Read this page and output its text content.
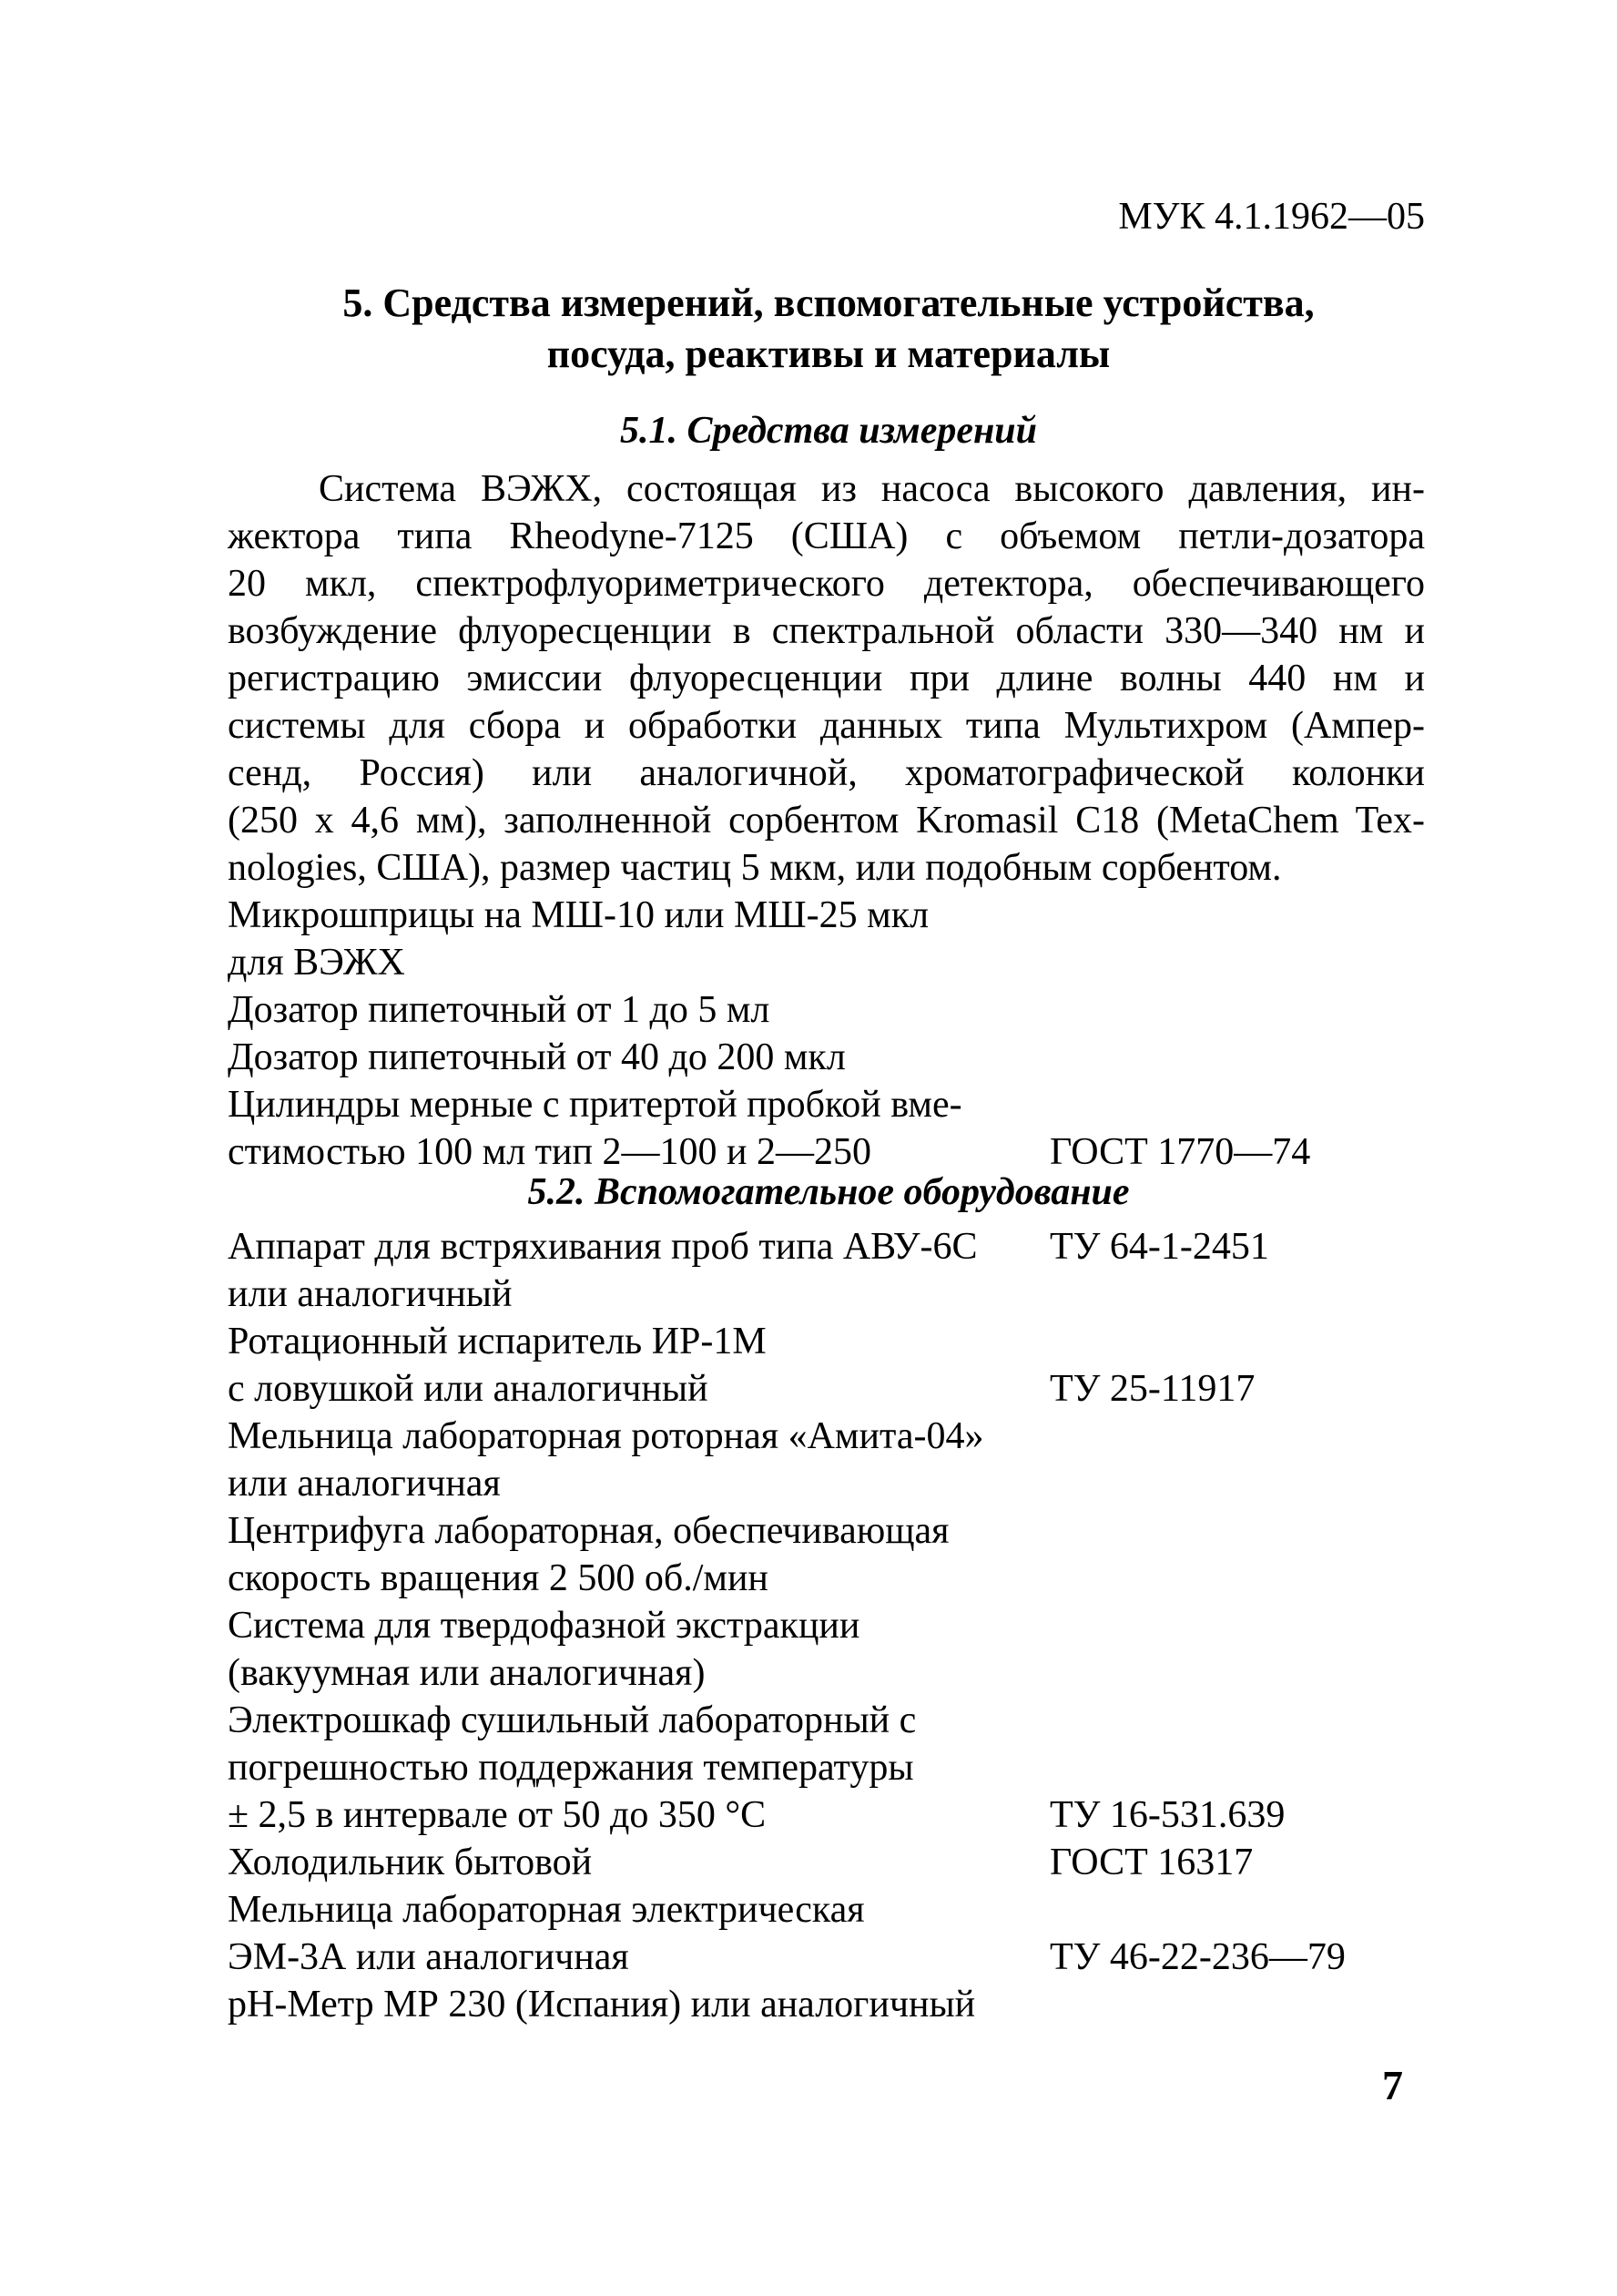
МУК 4.1.1962—05
5. Средства измерений, вспомогательные устройства,
посуда, реактивы и материалы
5.1. Средства измерений
Система ВЭЖХ, состоящая из насоса высокого давления, ин-
жектора типа Rheodyne-7125 (США) с объемом петли-дозатора
20 мкл, спектрофлуориметрического детектора, обеспечивающего
возбуждение флуоресценции в спектральной области 330—340 нм и
регистрацию эмиссии флуоресценции при длине волны 440 нм и
системы для сбора и обработки данных типа Мультихром (Ампер-
сенд, Россия) или аналогичной, хроматографической колонки
(250 х 4,6 мм), заполненной сорбентом Kromasil C18 (MetaChem Tex-
nologies, США), размер частиц 5 мкм, или подобным сорбентом.
Микрошприцы на МШ-10 или МШ-25 мкл
для ВЭЖХ
Дозатор пипеточный от 1 до 5 мл
Дозатор пипеточный от 40 до 200 мкл
Цилиндры мерные с притертой пробкой вме-
стимостью 100 мл тип 2—100 и 2—250	ГОСТ 1770—74
5.2. Вспомогательное оборудование
Аппарат для встряхивания проб типа АВУ-6С	ТУ 64-1-2451
или аналогичный
Ротационный испаритель ИР-1М
с ловушкой или аналогичный	ТУ 25-11917
Мельница лабораторная роторная «Амита-04»
или аналогичная
Центрифуга лабораторная, обеспечивающая
скорость вращения 2 500 об./мин
Система для твердофазной экстракции
(вакуумная или аналогичная)
Электрошкаф сушильный лабораторный с
погрешностью поддержания температуры
± 2,5 в интервале от 50 до 350 °С	ТУ 16-531.639
Холодильник бытовой	ГОСТ 16317
Мельница лабораторная электрическая
ЭМ-3А или аналогичная	ТУ 46-22-236—79
рН-Метр МР 230 (Испания) или аналогичный
7
